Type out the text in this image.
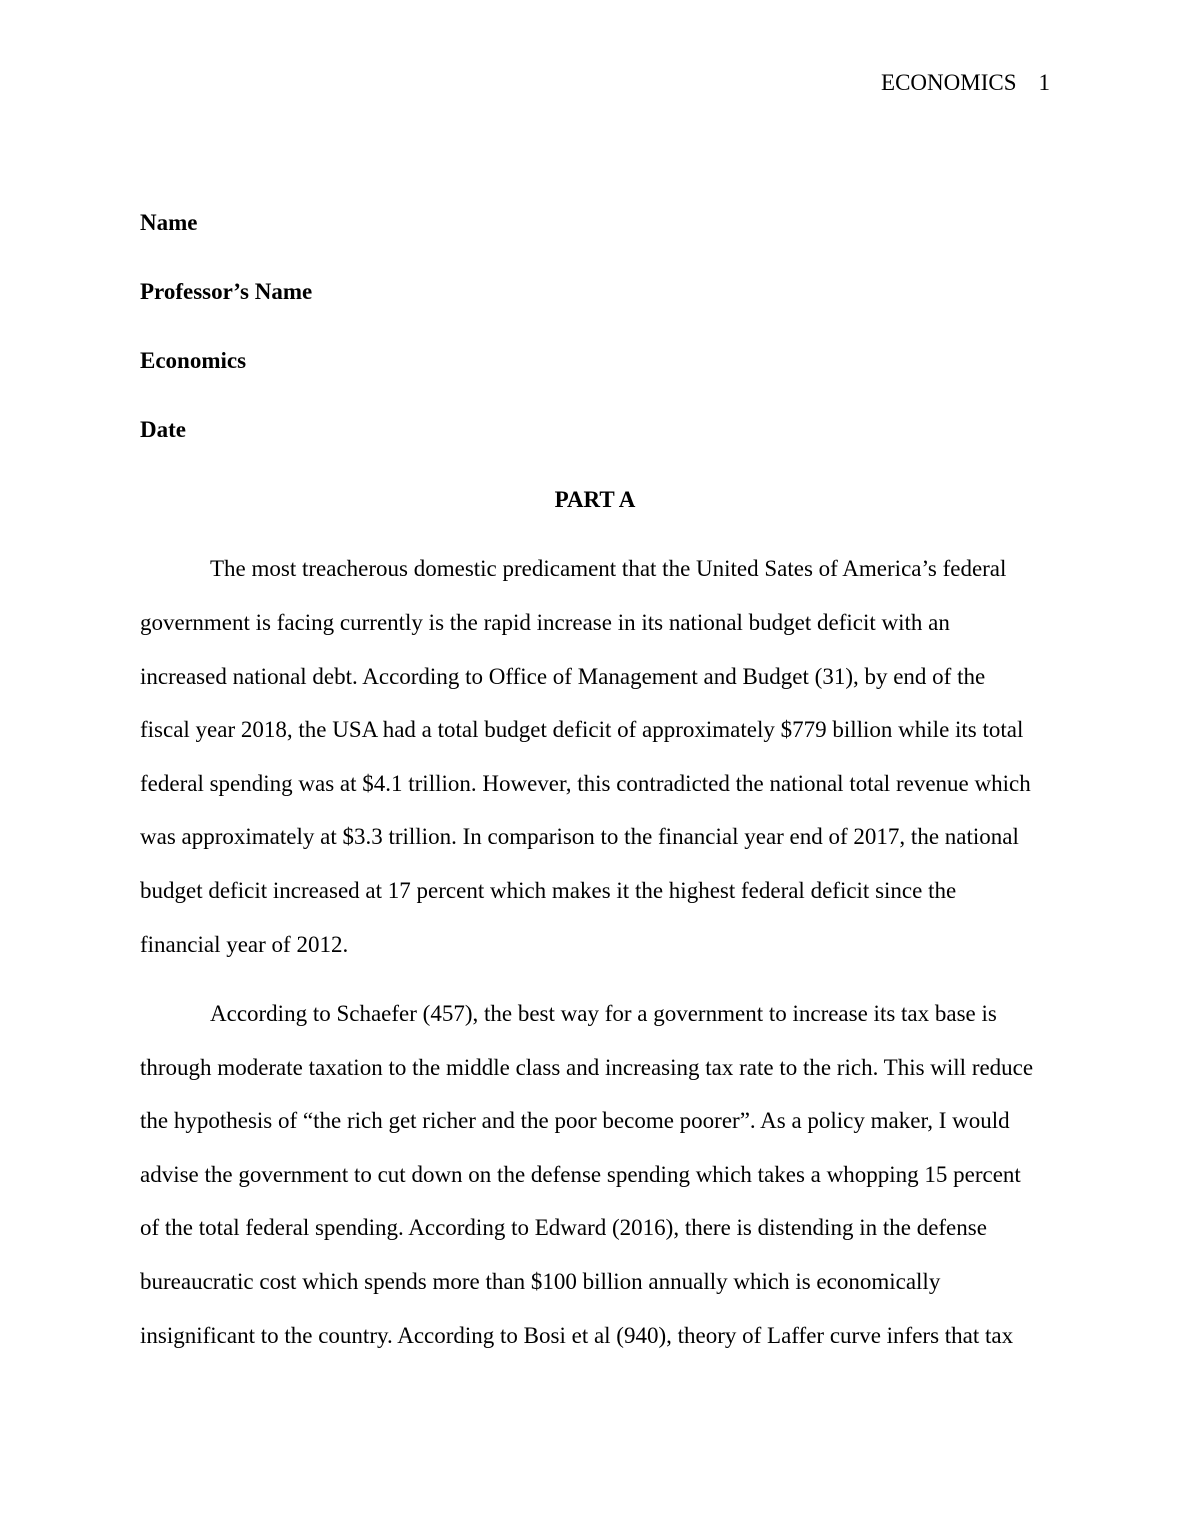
ECONOMICS 1
Name
Professor’s Name
Economics
Date
PART A
The most treacherous domestic predicament that the United Sates of America’s federal
government is facing currently is the rapid increase in its national budget deficit with an
increased national debt. According to Office of Management and Budget (31), by end of the
fiscal year 2018, the USA had a total budget deficit of approximately $779 billion while its total
federal spending was at $4.1 trillion. However, this contradicted the national total revenue which
was approximately at $3.3 trillion. In comparison to the financial year end of 2017, the national
budget deficit increased at 17 percent which makes it the highest federal deficit since the
financial year of 2012.
According to Schaefer (457), the best way for a government to increase its tax base is
through moderate taxation to the middle class and increasing tax rate to the rich. This will reduce
the hypothesis of “the rich get richer and the poor become poorer”. As a policy maker, I would
advise the government to cut down on the defense spending which takes a whopping 15 percent
of the total federal spending. According to Edward (2016), there is distending in the defense
bureaucratic cost which spends more than $100 billion annually which is economically
insignificant to the country. According to Bosi et al (940), theory of Laffer curve infers that tax
